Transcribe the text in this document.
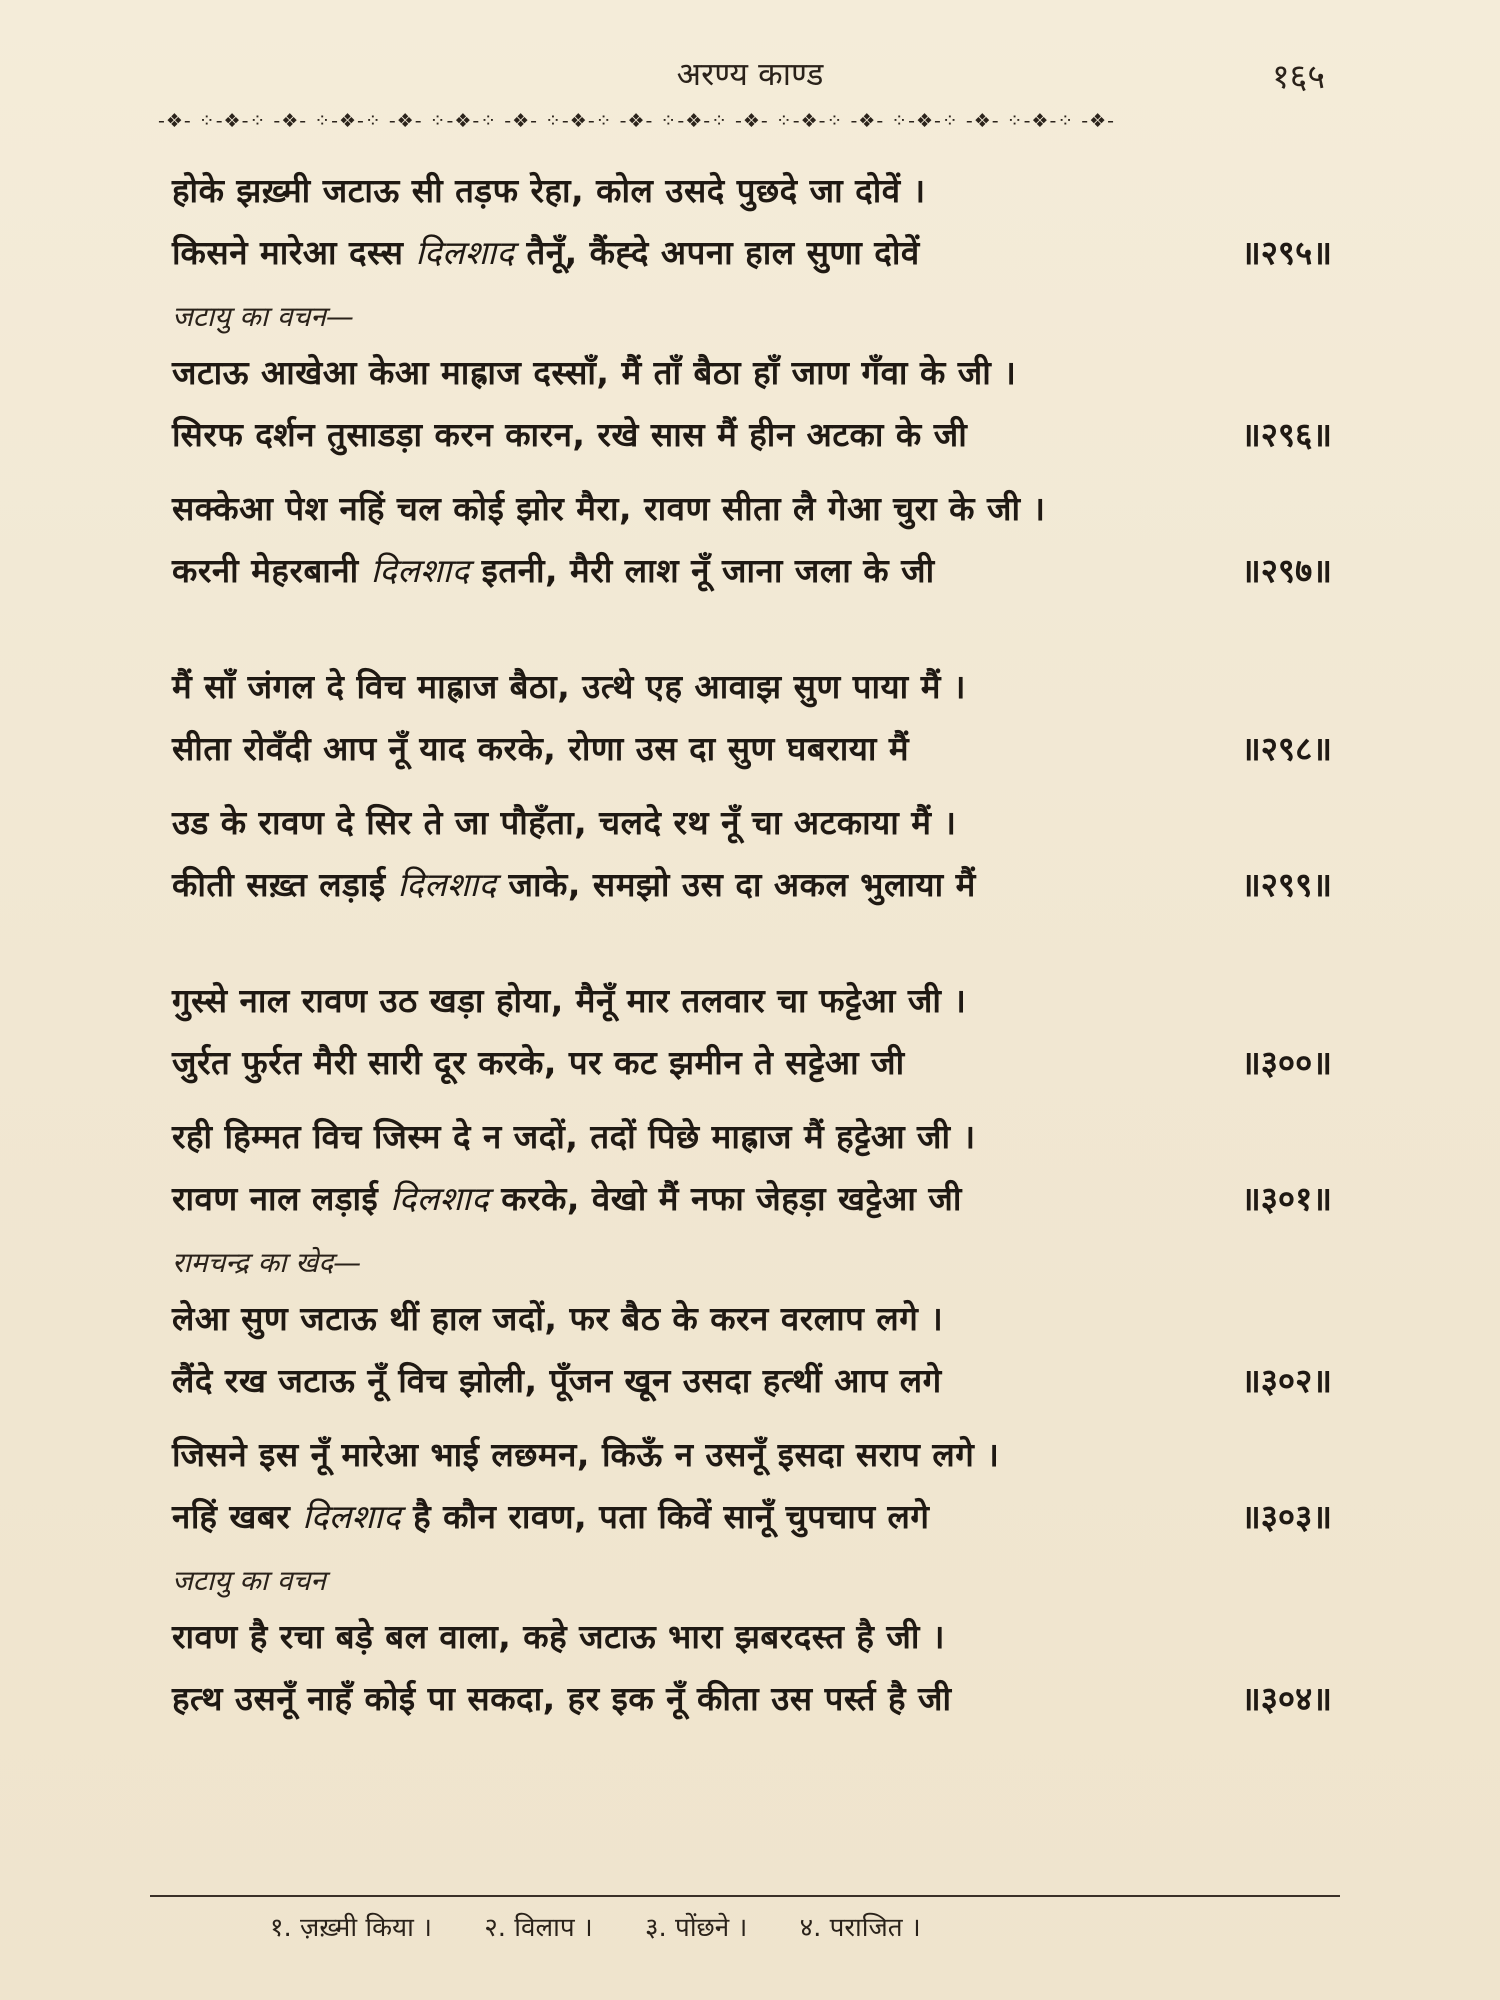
अरण्य काण्ड	१६५
-❖- ⁘-❖-⁘ -❖- ⁘-❖-⁘ -❖- ⁘-❖-⁘ -❖- ⁘-❖-⁘ -❖- ⁘-❖-⁘ -❖- ⁘-❖-⁘ -❖- ⁘-❖-⁘ -❖- ⁘-❖-⁘ -❖-
होके झख़्मी जटाऊ सी तड़फ रेहा, कोल उसदे पुछदे जा दोवें ।
किसने मारेआ दस्स दिलशाद तैनूँ, कैंह्दे अपना हाल सुणा दोवें	॥२९५॥
जटायु का वचन—
जटाऊ आखेआ केआ माह्राज दस्साँ, मैं ताँ बैठा हाँ जाण गँवा के जी ।
सिरफ दर्शन तुसाडड़ा करन कारन, रखे सास मैं हीन अटका के जी	॥२९६॥
सक्केआ पेश नहिं चल कोई झोर मैरा, रावण सीता लै गेआ चुरा के जी ।
करनी मेहरबानी दिलशाद इतनी, मैरी लाश नूँ जाना जला के जी	॥२९७॥
मैं साँ जंगल दे विच माह्राज बैठा, उत्थे एह आवाझ सुण पाया मैं ।
सीता रोवँदी आप नूँ याद करके, रोणा उस दा सुण घबराया मैं	॥२९८॥
उड के रावण दे सिर ते जा पौहँता, चलदे रथ नूँ चा अटकाया मैं ।
कीती सख़्त लड़ाई दिलशाद जाके, समझो उस दा अकल भुलाया मैं	॥२९९॥
गुस्से नाल रावण उठ खड़ा होया, मैनूँ मार तलवार चा फट्टेआ जी ।
जुर्रत फुर्रत मैरी सारी दूर करके, पर कट झमीन ते सट्टेआ जी	॥३००॥
रही हिम्मत विच जिस्म दे न जदों, तदों पिछे माह्राज मैं हट्टेआ जी ।
रावण नाल लड़ाई दिलशाद करके, वेखो मैं नफा जेहड़ा खट्टेआ जी	॥३०१॥
रामचन्द्र का खेद—
लेआ सुण जटाऊ थीं हाल जदों, फर बैठ के करन वरलाप लगे ।
लैंदे रख जटाऊ नूँ विच झोली, पूँजन खून उसदा हत्थीं आप लगे	॥३०२॥
जिसने इस नूँ मारेआ भाई लछमन, किऊँ न उसनूँ इसदा सराप लगे ।
नहिं खबर दिलशाद है कौन रावण, पता किवें सानूँ चुपचाप लगे	॥३०३॥
जटायु का वचन
रावण है रचा बड़े बल वाला, कहे जटाऊ भारा झबरदस्त है जी ।
हत्थ उसनूँ नाहँ कोई पा सकदा, हर इक नूँ कीता उस पर्स्त है जी	॥३०४॥
१. ज़ख़्मी किया । २. विलाप । ३. पोंछने । ४. पराजित ।
